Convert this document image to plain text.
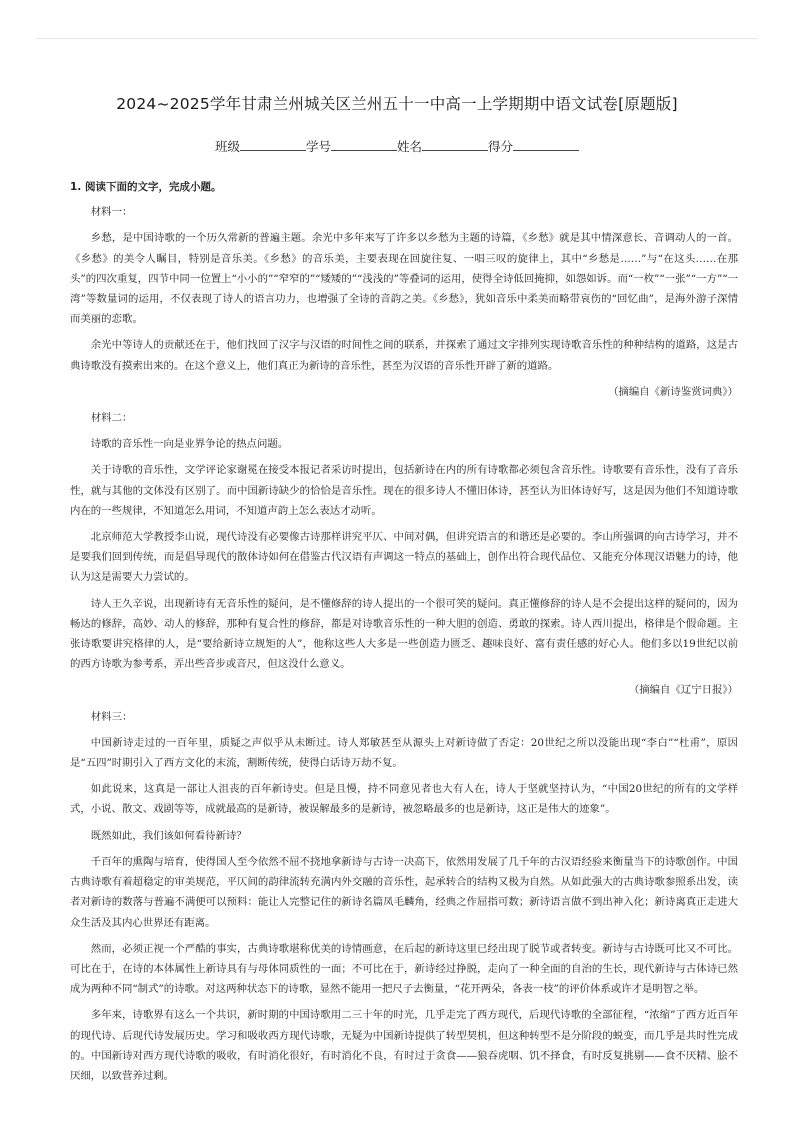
2024~2025学年甘肃兰州城关区兰州五十一中高一上学期期中语文试卷[原题版]
班级	学号	姓名	得分

1. 阅读下面的文字，完成小题。

材料一：

乡愁，是中国诗歌的一个历久常新的普遍主题。余光中多年来写了许多以乡愁为主题的诗篇，《乡愁》就是其中情深意长、音调动人的一首。《乡愁》的美令人瞩目，特别是音乐美。《乡愁》的音乐美，主要表现在回旋往复、一唱三叹的旋律上，其中“乡愁是……”与“在这头……在那头”的四次重复，四节中同一位置上“小小的”“窄窄的”“矮矮的”“浅浅的”等叠词的运用，使得全诗低回掩抑，如怨如诉。而“一枚”“一张”“一方”“一湾”等数量词的运用，不仅表现了诗人的语言功力，也增强了全诗的音韵之美。《乡愁》，犹如音乐中柔美而略带哀伤的“回忆曲”，是海外游子深情而美丽的恋歌。

余光中等诗人的贡献还在于，他们找回了汉字与汉语的时间性之间的联系，并探索了通过文字排列实现诗歌音乐性的种种结构的道路，这是古典诗歌没有摸索出来的。在这个意义上，他们真正为新诗的音乐性，甚至为汉语的音乐性开辟了新的道路。

（摘编自《新诗鉴赏词典》）

材料二：

诗歌的音乐性一向是业界争论的热点问题。

关于诗歌的音乐性，文学评论家谢冕在接受本报记者采访时提出，包括新诗在内的所有诗歌都必须包含音乐性。诗歌要有音乐性，没有了音乐性，就与其他的文体没有区别了。而中国新诗缺少的恰恰是音乐性。现在的很多诗人不懂旧体诗，甚至认为旧体诗好写，这是因为他们不知道诗歌内在的一些规律，不知道怎么用词，不知道声韵上怎么表达才动听。

北京师范大学教授李山说，现代诗没有必要像古诗那样讲究平仄、中间对偶，但讲究语言的和谐还是必要的。李山所强调的向古诗学习，并不是要我们回到传统，而是倡导现代的散体诗如何在借鉴古代汉语有声调这一特点的基础上，创作出符合现代品位、又能充分体现汉语魅力的诗，他认为这是需要大力尝试的。

诗人王久辛说，出现新诗有无音乐性的疑问，是不懂修辞的诗人提出的一个很可笑的疑问。真正懂修辞的诗人是不会提出这样的疑问的，因为畅达的修辞，高妙、动人的修辞，那种有复合性的修辞，都是对诗歌音乐性的一种大胆的创造、勇敢的探索。诗人西川提出，格律是个假命题。主张诗歌要讲究格律的人，是“要给新诗立规矩的人”，他称这些人大多是一些创造力匮乏、趣味良好、富有责任感的好心人。他们多以19世纪以前的西方诗歌为参考系，弄出些音步或音尺，但这没什么意义。

（摘编自《辽宁日报》）

材料三：

中国新诗走过的一百年里，质疑之声似乎从未断过。诗人郑敏甚至从源头上对新诗做了否定：20世纪之所以没能出现“李白”“杜甫”，原因是“五四”时期引入了西方文化的末流，割断传统，使得白话诗万劫不复。

如此说来，这真是一部让人沮丧的百年新诗史。但是且慢，持不同意见者也大有人在，诗人于坚就坚持认为，“中国20世纪的所有的文学样式，小说、散文、戏剧等等，成就最高的是新诗，被误解最多的是新诗，被忽略最多的也是新诗，这正是伟大的迹象”。

既然如此，我们该如何看待新诗？

千百年的熏陶与培育，使得国人至今依然不屈不挠地拿新诗与古诗一决高下，依然用发展了几千年的古汉语经验来衡量当下的诗歌创作。中国古典诗歌有着超稳定的审美规范，平仄间的韵律流转充满内外交融的音乐性，起承转合的结构又极为自然。从如此强大的古典诗歌参照系出发，读者对新诗的数落与普遍不满便可以预料：能让人完整记住的新诗名篇凤毛麟角，经典之作屈指可数；新诗语言做不到出神入化；新诗离真正走进大众生活及其内心世界还有距离。

然而，必须正视一个严酷的事实，古典诗歌堪称优美的诗情画意，在后起的新诗这里已经出现了脱节或者转变。新诗与古诗既可比又不可比。可比在于，在诗的本体属性上新诗具有与母体同质性的一面；不可比在于，新诗经过挣脱，走向了一种全面的自治的生长，现代新诗与古体诗已然成为两种不同“制式”的诗歌。对这两种状态下的诗歌，显然不能用一把尺子去衡量，“花开两朵，各表一枝”的评价体系或许才是明智之举。

多年来，诗歌界有这么一个共识，新时期的中国诗歌用二三十年的时光，几乎走完了西方现代，后现代诗歌的全部征程，“浓缩”了西方近百年的现代诗、后现代诗发展历史。学习和吸收西方现代诗歌，无疑为中国新诗提供了转型契机，但这种转型不是分阶段的蜕变，而几乎是共时性完成的。中国新诗对西方现代诗歌的吸收，有时消化很好，有时消化不良，有时过于贪食——狼吞虎咽、饥不择食，有时反复挑剔——食不厌精、脍不厌细，以致营养过剩。
